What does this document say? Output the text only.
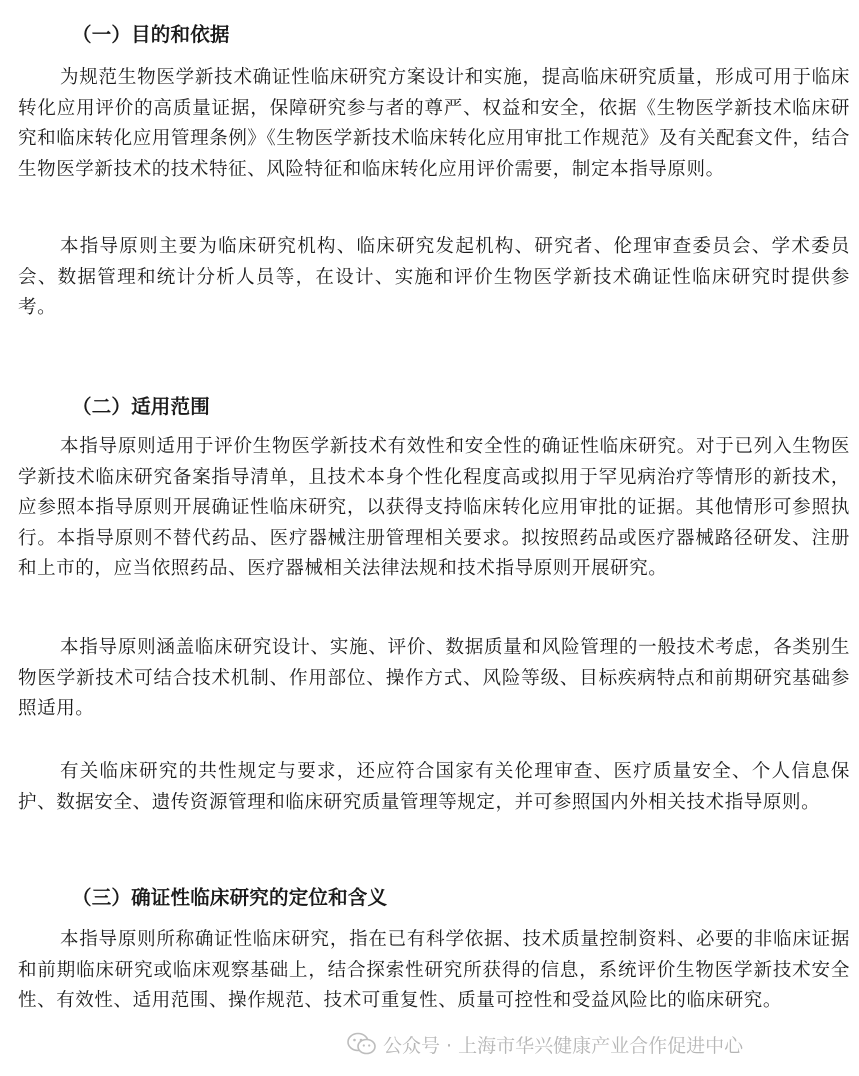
（一）目的和依据

为规范生物医学新技术确证性临床研究方案设计和实施，提高临床研究质量，形成可用于临床转化应用评价的高质量证据，保障研究参与者的尊严、权益和安全，依据《生物医学新技术临床研究和临床转化应用管理条例》《生物医学新技术临床转化应用审批工作规范》及有关配套文件，结合生物医学新技术的技术特征、风险特征和临床转化应用评价需要，制定本指导原则。

本指导原则主要为临床研究机构、临床研究发起机构、研究者、伦理审查委员会、学术委员会、数据管理和统计分析人员等，在设计、实施和评价生物医学新技术确证性临床研究时提供参考。

（二）适用范围

本指导原则适用于评价生物医学新技术有效性和安全性的确证性临床研究。对于已列入生物医学新技术临床研究备案指导清单，且技术本身个性化程度高或拟用于罕见病治疗等情形的新技术，应参照本指导原则开展确证性临床研究，以获得支持临床转化应用审批的证据。其他情形可参照执行。本指导原则不替代药品、医疗器械注册管理相关要求。拟按照药品或医疗器械路径研发、注册和上市的，应当依照药品、医疗器械相关法律法规和技术指导原则开展研究。

本指导原则涵盖临床研究设计、实施、评价、数据质量和风险管理的一般技术考虑，各类别生物医学新技术可结合技术机制、作用部位、操作方式、风险等级、目标疾病特点和前期研究基础参照适用。

有关临床研究的共性规定与要求，还应符合国家有关伦理审查、医疗质量安全、个人信息保护、数据安全、遗传资源管理和临床研究质量管理等规定，并可参照国内外相关技术指导原则。

（三）确证性临床研究的定位和含义

本指导原则所称确证性临床研究，指在已有科学依据、技术质量控制资料、必要的非临床证据和前期临床研究或临床观察基础上，结合探索性研究所获得的信息，系统评价生物医学新技术安全性、有效性、适用范围、操作规范、技术可重复性、质量可控性和受益风险比的临床研究。

公众号 · 上海市华兴健康产业合作促进中心
